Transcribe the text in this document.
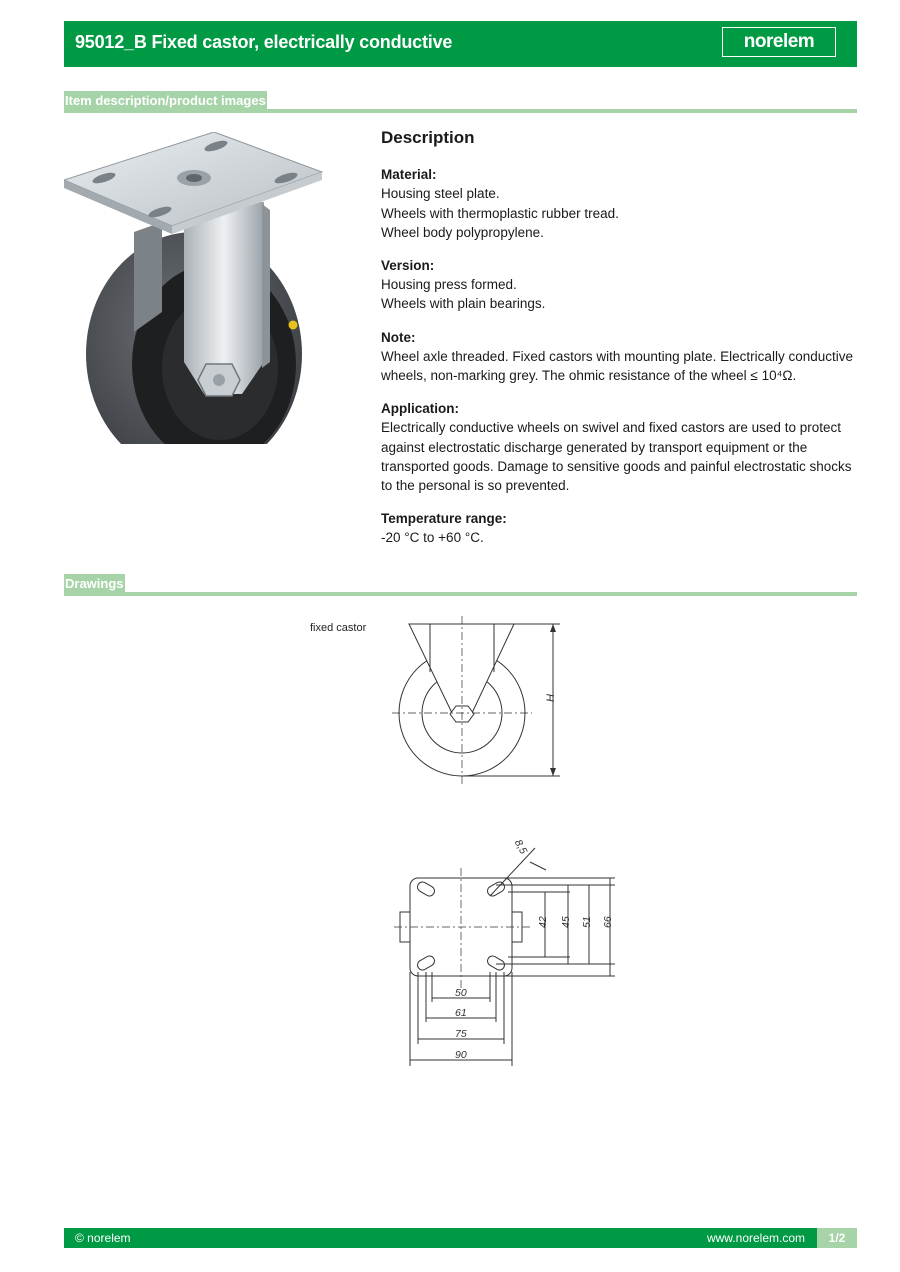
95012_B Fixed castor, electrically conductive	norelem
Item description/product images
Description
Material:
Housing steel plate.
Wheels with thermoplastic rubber tread.
Wheel body polypropylene.
Version:
Housing press formed.
Wheels with plain bearings.
Note:
Wheel axle threaded. Fixed castors with mounting plate. Electrically conductive wheels, non-marking grey. The ohmic resistance of the wheel ≤ 10⁴Ω.
Application:
Electrically conductive wheels on swivel and fixed castors are used to protect against electrostatic discharge generated by transport equipment or the transported goods. Damage to sensitive goods and painful electrostatic shocks to the personal is so prevented.
Temperature range:
-20 °C to +60 °C.
Drawings
fixed castor
H
8,5
42 45 51 66
50
61
75
90
© norelem	www.norelem.com	1/2
